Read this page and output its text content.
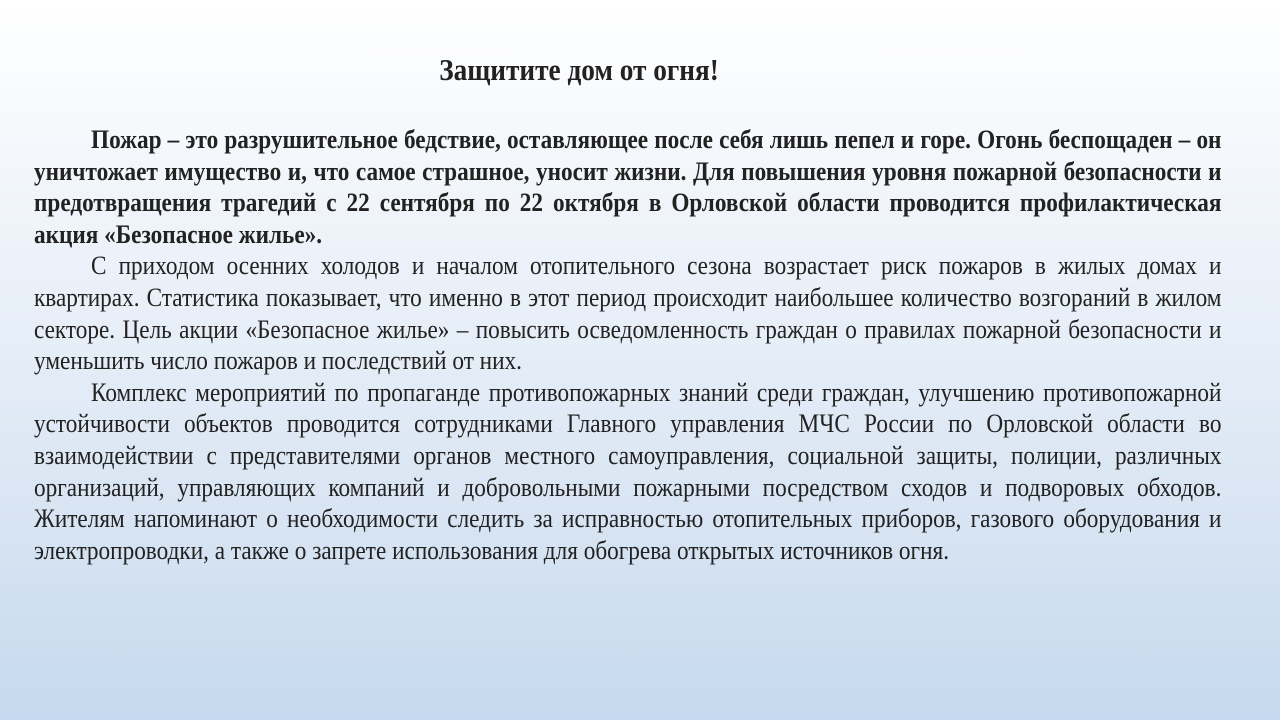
Защитите дом от огня!

Пожар – это разрушительное бедствие, оставляющее после себя лишь пепел и горе. Огонь беспощаден – он уничтожает имущество и, что самое страшное, уносит жизни. Для повышения уровня пожарной безопасности и предотвращения трагедий с 22 сентября по 22 октября в Орловской области проводится профилактическая акция «Безопасное жилье».

С приходом осенних холодов и началом отопительного сезона возрастает риск пожаров в жилых домах и квартирах. Статистика показывает, что именно в этот период происходит наибольшее количество возгораний в жилом секторе. Цель акции «Безопасное жилье» – повысить осведомленность граждан о правилах пожарной безопасности и уменьшить число пожаров и последствий от них.

Комплекс мероприятий по пропаганде противопожарных знаний среди граждан, улучшению противопожарной устойчивости объектов проводится сотрудниками Главного управления МЧС России по Орловской области во взаимодействии с представителями органов местного самоуправления, социальной защиты, полиции, различных организаций, управляющих компаний и добровольными пожарными посредством сходов и подворовых обходов. Жителям напоминают о необходимости следить за исправностью отопительных приборов, газового оборудования и электропроводки, а также о запрете использования для обогрева открытых источников огня.
